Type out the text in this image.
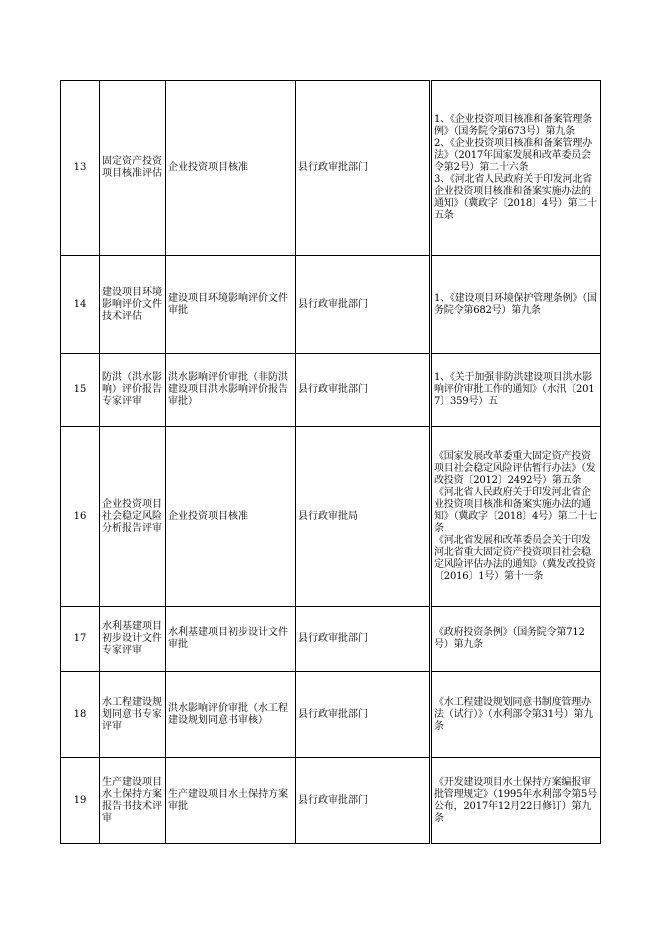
13	固定资产投资项目核准评估	企业投资项目核准	县行政审批部门	1、《企业投资项目核准和备案管理条例》（国务院令第673号）第九条
2、《企业投资项目核准和备案管理办法》（2017年国家发展和改革委员会令第2号）第二十六条
3、《河北省人民政府关于印发河北省企业投资项目核准和备案实施办法的通知》（冀政字〔2018〕4号）第二十五条
14	建设项目环境影响评价文件技术评估	建设项目环境影响评价文件审批	县行政审批部门	1、《建设项目环境保护管理条例》（国务院令第682号）第九条
15	防洪（洪水影响）评价报告专家评审	洪水影响评价审批（非防洪建设项目洪水影响评价报告审批）	县行政审批部门	1、《关于加强非防洪建设项目洪水影响评价审批工作的通知》（水汛〔2017〕359号）五
16	企业投资项目社会稳定风险分析报告评审	企业投资项目核准	县行政审批局	《国家发展改革委重大固定资产投资项目社会稳定风险评估暂行办法》（发改投资〔2012〕2492号）第五条
《河北省人民政府关于印发河北省企业投资项目核准和备案实施办法的通知》（冀政字〔2018〕4号）第二十七条
《河北省发展和改革委员会关于印发河北省重大固定资产投资项目社会稳定风险评估办法的通知》（冀发改投资〔2016〕1号）第十一条
17	水利基建项目初步设计文件专家评审	水利基建项目初步设计文件审批	县行政审批部门	《政府投资条例》（国务院令第712号）第九条
18	水工程建设规划同意书专家评审	洪水影响评价审批（水工程建设规划同意书审核）	县行政审批部门	《水工程建设规划同意书制度管理办法（试行）》（水利部令第31号）第九条
19	生产建设项目水土保持方案报告书技术评审	生产建设项目水土保持方案审批	县行政审批部门	《开发建设项目水土保持方案编报审批管理规定》（1995年水利部令第5号公布，2017年12月22日修订）第九条
